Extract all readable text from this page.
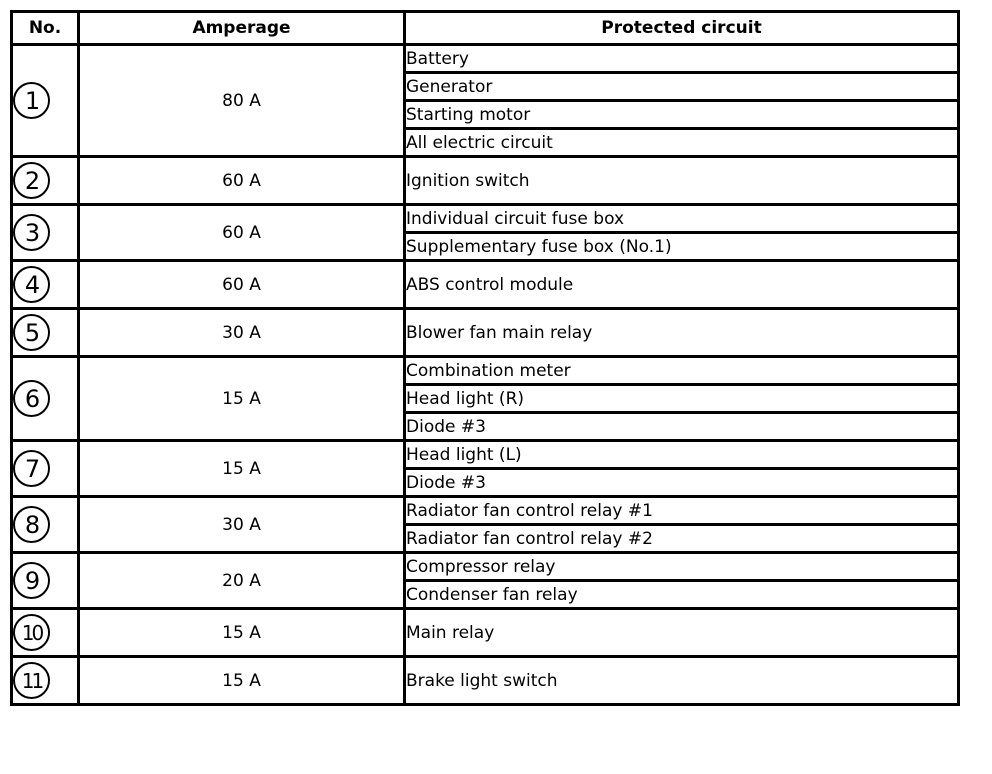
No.	Amperage	Protected circuit
1	80 A	Battery
		Generator
		Starting motor
		All electric circuit
2	60 A	Ignition switch
3	60 A	Individual circuit fuse box
		Supplementary fuse box (No.1)
4	60 A	ABS control module
5	30 A	Blower fan main relay
6	15 A	Combination meter
		Head light (R)
		Diode #3
7	15 A	Head light (L)
		Diode #3
8	30 A	Radiator fan control relay #1
		Radiator fan control relay #2
9	20 A	Compressor relay
		Condenser fan relay
10	15 A	Main relay
11	15 A	Brake light switch
